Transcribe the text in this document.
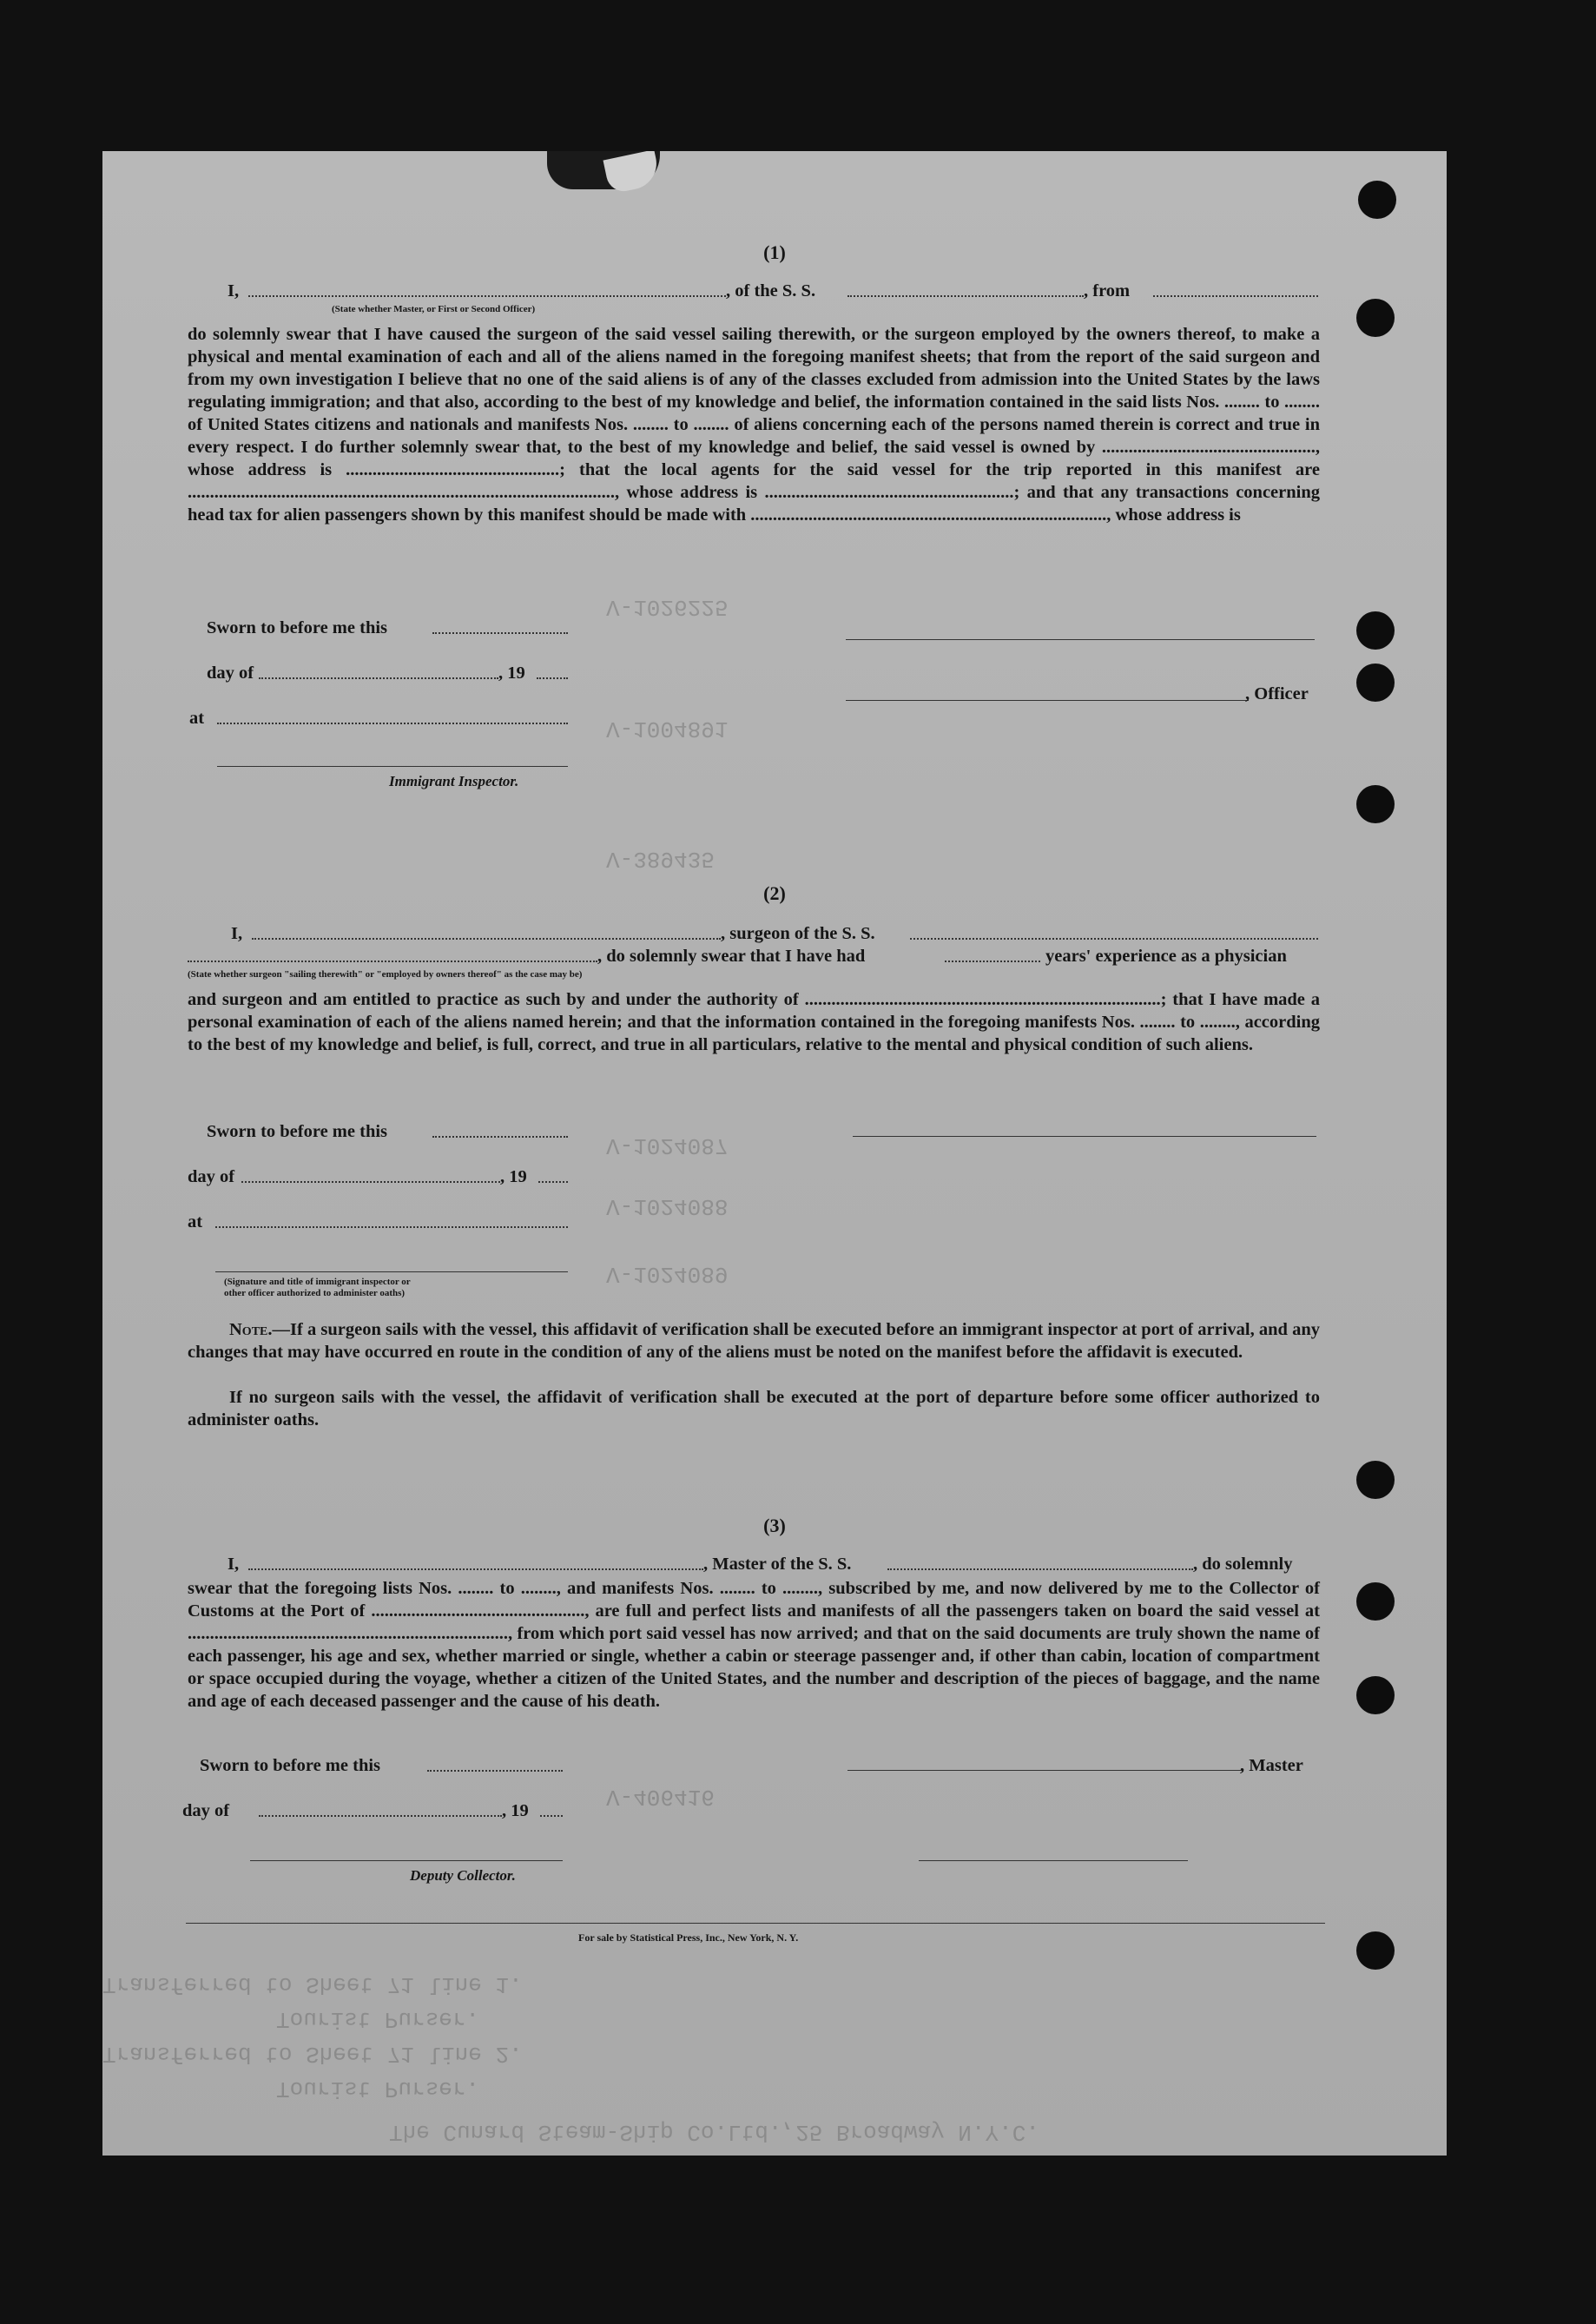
V-1026225
V-1004891
V-389435
V-1024087
V-1024088
V-1024089
V-406416
Transferred to Sheet 71 line 1.
Tourist Purser.
Transferred to Sheet 71 line 2.
Tourist Purser.
The Cunard Steam-Ship Co.Ltd.,25 Broadway N.Y.C.
(1)
I,	, of the S. S.	, from
(State whether Master, or First or Second Officer)
do solemnly swear that I have caused the surgeon of the said vessel sailing therewith, or the surgeon employed by the owners thereof, to make a physical and mental examination of each and all of the aliens named in the foregoing manifest sheets; that from the report of the said surgeon and from my own investigation I believe that no one of the said aliens is of any of the classes excluded from admission into the United States by the laws regulating immigration; and that also, according to the best of my knowledge and belief, the information contained in the said lists Nos. ........ to ........ of United States citizens and nationals and manifests Nos. ........ to ........ of aliens concerning each of the persons named therein is correct and true in every respect. I do further solemnly swear that, to the best of my knowledge and belief, the said vessel is owned by ................................................, whose address is ................................................; that the local agents for the said vessel for the trip reported in this manifest are ................................................................................................, whose address is ........................................................; and that any transactions concerning head tax for alien passengers shown by this manifest should be made with ................................................................................, whose address is
Sworn to before me this
day of	, 19
, Officer
at
Immigrant Inspector.
(2)
I,	, surgeon of the S. S.
, do solemnly swear that I have had	years' experience as a physician
(State whether surgeon "sailing therewith" or "employed by owners thereof" as the case may be)
and surgeon and am entitled to practice as such by and under the authority of ................................................................................; that I have made a personal examination of each of the aliens named herein; and that the information contained in the foregoing manifests Nos. ........ to ........, according to the best of my knowledge and belief, is full, correct, and true in all particulars, relative to the mental and physical condition of such aliens.
Sworn to before me this
day of	, 19
at
(Signature and title of immigrant inspector or
other officer authorized to administer oaths)
Note.—If a surgeon sails with the vessel, this affidavit of verification shall be executed before an immigrant inspector at port of arrival, and any changes that may have occurred en route in the condition of any of the aliens must be noted on the manifest before the affidavit is executed.
If no surgeon sails with the vessel, the affidavit of verification shall be executed at the port of departure before some officer authorized to administer oaths.
(3)
I,	, Master of the S. S.	, do solemnly
swear that the foregoing lists Nos. ........ to ........, and manifests Nos. ........ to ........, subscribed by me, and now delivered by me to the Collector of Customs at the Port of ................................................, are full and perfect lists and manifests of all the passengers taken on board the said vessel at ........................................................................, from which port said vessel has now arrived; and that on the said documents are truly shown the name of each passenger, his age and sex, whether married or single, whether a cabin or steerage passenger and, if other than cabin, location of compartment or space occupied during the voyage, whether a citizen of the United States, and the number and description of the pieces of baggage, and the name and age of each deceased passenger and the cause of his death.
Sworn to before me this	, Master
day of	, 19
Deputy Collector.
For sale by Statistical Press, Inc., New York, N. Y.
